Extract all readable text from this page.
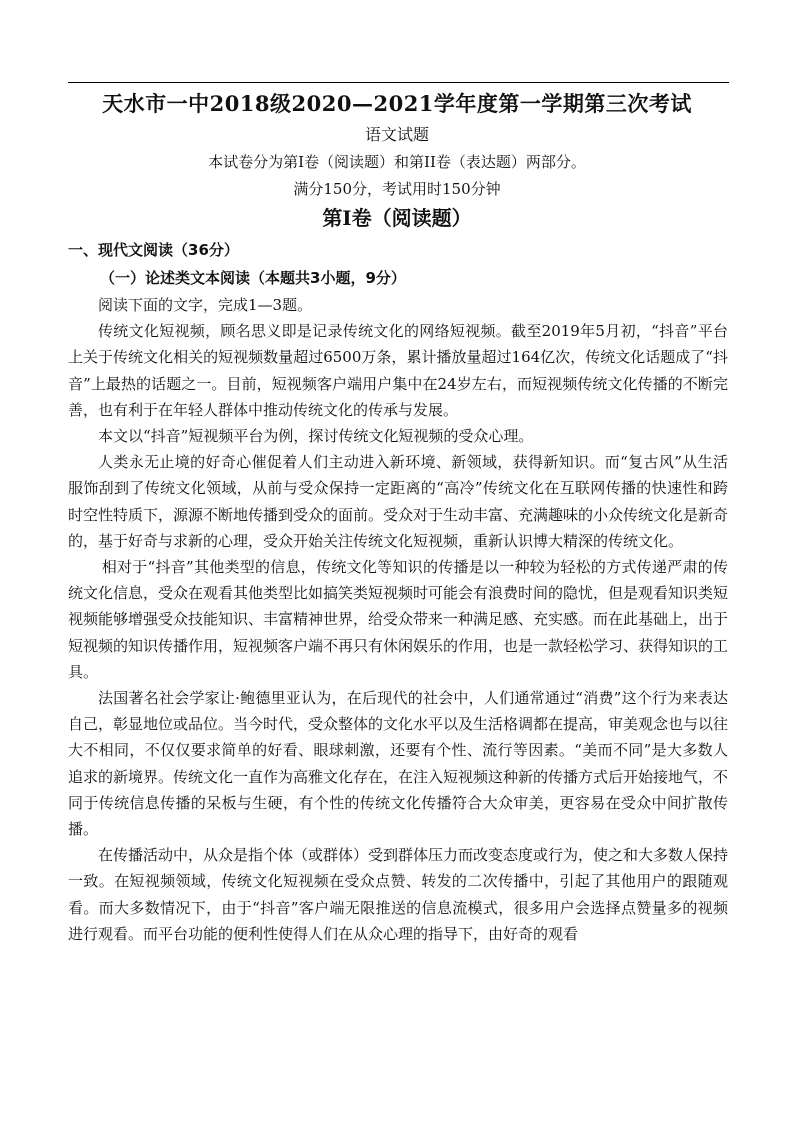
天水市一中2018级2020—2021学年度第一学期第三次考试
语文试题
本试卷分为第Ⅰ卷（阅读题）和第II卷（表达题）两部分。
满分150分，考试用时150分钟
第Ⅰ卷（阅读题）
一、现代文阅读（36分）
（一）论述类文本阅读（本题共3小题，9分）

阅读下面的文字，完成1—3题。

传统文化短视频，顾名思义即是记录传统文化的网络短视频。截至2019年5月初，“抖音”平台上关于传统文化相关的短视频数量超过6500万条，累计播放量超过164亿次，传统文化话题成了“抖音”上最热的话题之一。目前，短视频客户端用户集中在24岁左右，而短视频传统文化传播的不断完善，也有利于在年轻人群体中推动传统文化的传承与发展。

本文以“抖音”短视频平台为例，探讨传统文化短视频的受众心理。

人类永无止境的好奇心催促着人们主动进入新环境、新领域，获得新知识。而“复古风”从生活服饰刮到了传统文化领域，从前与受众保持一定距离的“高冷”传统文化在互联网传播的快速性和跨时空性特质下，源源不断地传播到受众的面前。受众对于生动丰富、充满趣味的小众传统文化是新奇的，基于好奇与求新的心理，受众开始关注传统文化短视频，重新认识博大精深的传统文化。

相对于“抖音”其他类型的信息，传统文化等知识的传播是以一种较为轻松的方式传递严肃的传统文化信息，受众在观看其他类型比如搞笑类短视频时可能会有浪费时间的隐忧，但是观看知识类短视频能够增强受众技能知识、丰富精神世界，给受众带来一种满足感、充实感。而在此基础上，出于短视频的知识传播作用，短视频客户端不再只有休闲娱乐的作用，也是一款轻松学习、获得知识的工具。

法国著名社会学家让·鲍德里亚认为，在后现代的社会中，人们通常通过“消费”这个行为来表达自己，彰显地位或品位。当今时代，受众整体的文化水平以及生活格调都在提高，审美观念也与以往大不相同，不仅仅要求简单的好看、眼球刺激，还要有个性、流行等因素。“美而不同”是大多数人追求的新境界。传统文化一直作为高雅文化存在，在注入短视频这种新的传播方式后开始接地气，不同于传统信息传播的呆板与生硬，有个性的传统文化传播符合大众审美，更容易在受众中间扩散传播。

在传播活动中，从众是指个体（或群体）受到群体压力而改变态度或行为，使之和大多数人保持一致。在短视频领域，传统文化短视频在受众点赞、转发的二次传播中，引起了其他用户的跟随观看。而大多数情况下，由于“抖音”客户端无限推送的信息流模式，很多用户会选择点赞量多的视频进行观看。而平台功能的便利性使得人们在从众心理的指导下，由好奇的观看
